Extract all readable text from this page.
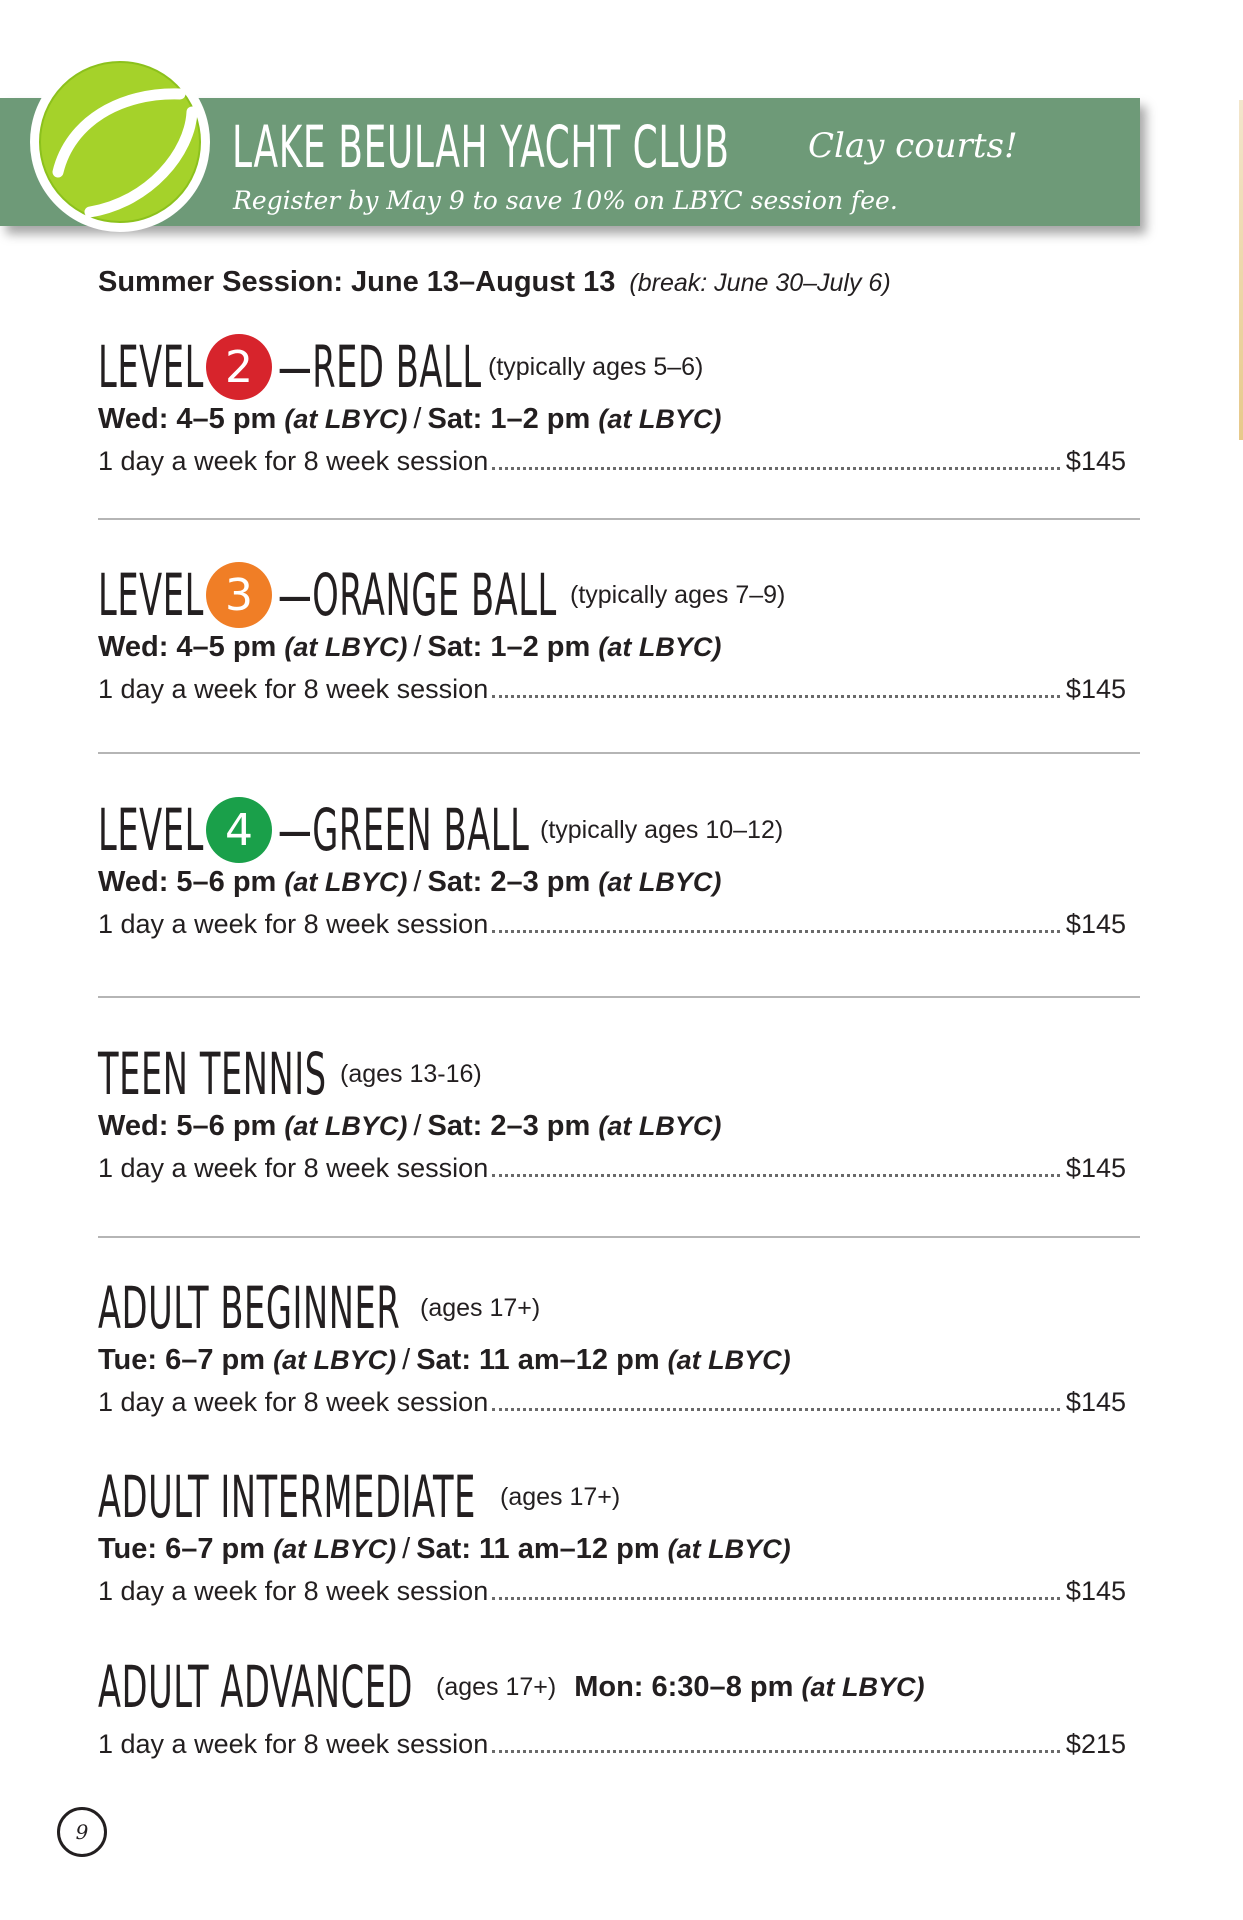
LAKE BEULAH YACHT CLUB Clay courts!
Register by May 9 to save 10% on LBYC session fee.
Summer Session: June 13–August 13 (break: June 30–July 6)
LEVEL 2 —RED BALL (typically ages 5–6)
Wed: 4–5 pm (at LBYC) / Sat: 1–2 pm (at LBYC)
1 day a week for 8 week session	$145
LEVEL 3 —ORANGE BALL (typically ages 7–9)
Wed: 4–5 pm (at LBYC) / Sat: 1–2 pm (at LBYC)
1 day a week for 8 week session	$145
LEVEL 4 —GREEN BALL (typically ages 10–12)
Wed: 5–6 pm (at LBYC) / Sat: 2–3 pm (at LBYC)
1 day a week for 8 week session	$145
TEEN TENNIS (ages 13-16)
Wed: 5–6 pm (at LBYC) / Sat: 2–3 pm (at LBYC)
1 day a week for 8 week session	$145
ADULT BEGINNER (ages 17+)
Tue: 6–7 pm (at LBYC) / Sat: 11 am–12 pm (at LBYC)
1 day a week for 8 week session	$145
ADULT INTERMEDIATE (ages 17+)
Tue: 6–7 pm (at LBYC) / Sat: 11 am–12 pm (at LBYC)
1 day a week for 8 week session	$145
ADULT ADVANCED (ages 17+) Mon: 6:30–8 pm (at LBYC)
1 day a week for 8 week session	$215
9
